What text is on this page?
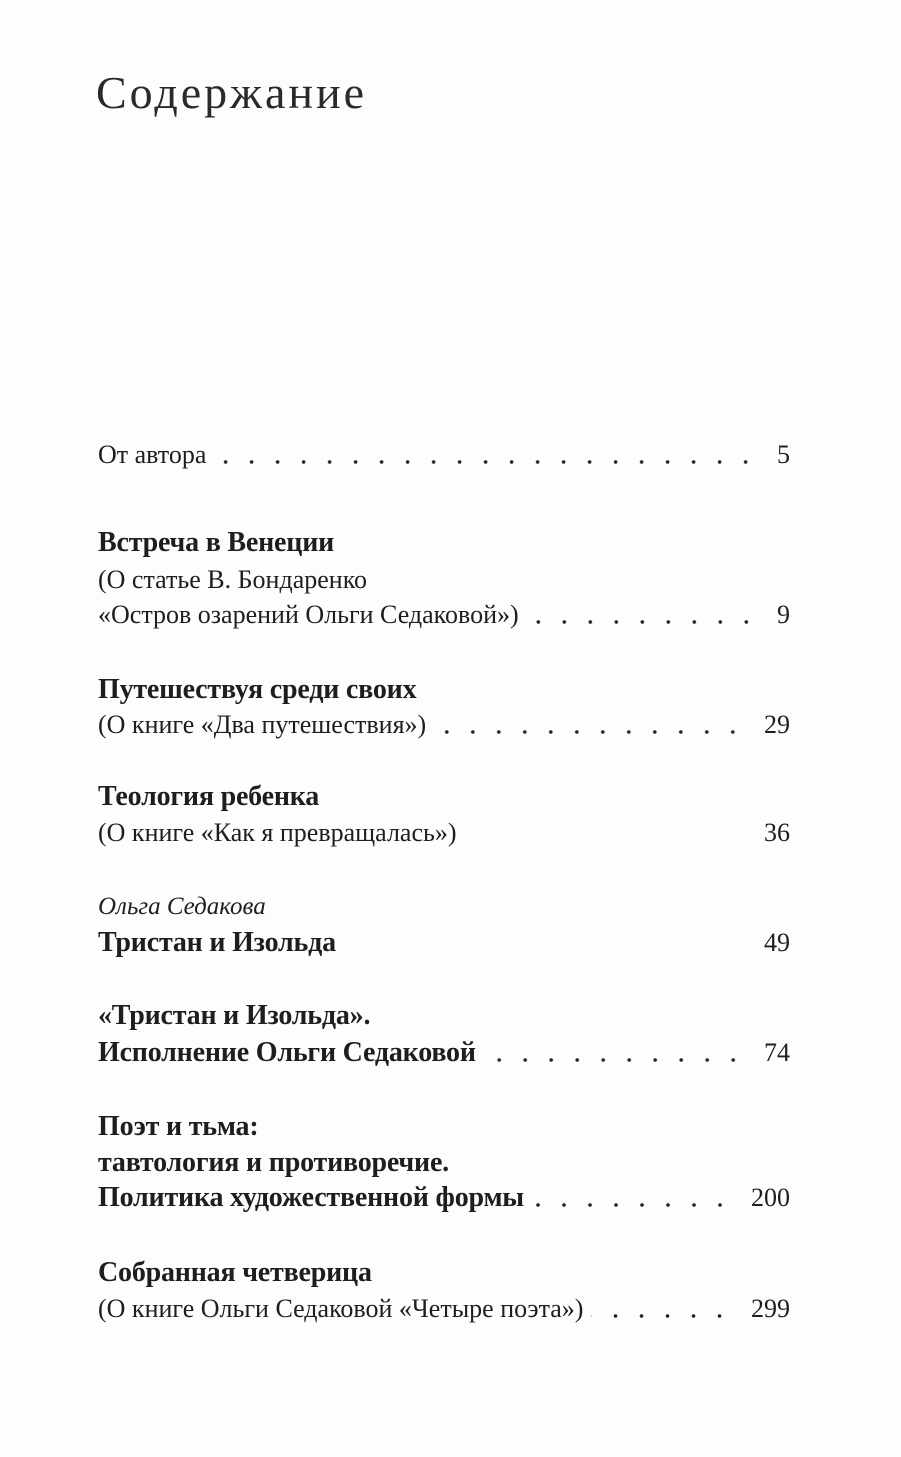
Содержание
От автора	5
Встреча в Венеции
(О статье В. Бондаренко
«Остров озарений Ольги Седаковой»)	9
Путешествуя среди своих
(О книге «Два путешествия»)	29
Теология ребенка
(О книге «Как я превращалась»)	36
Ольга Седакова
Тристан и Изольда	49
«Тристан и Изольда».
Исполнение Ольги Седаковой	74
Поэт и тьма:
тавтология и противоречие.
Политика художественной формы	200
Собранная четверица
(О книге Ольги Седаковой «Четыре поэта»)	299
